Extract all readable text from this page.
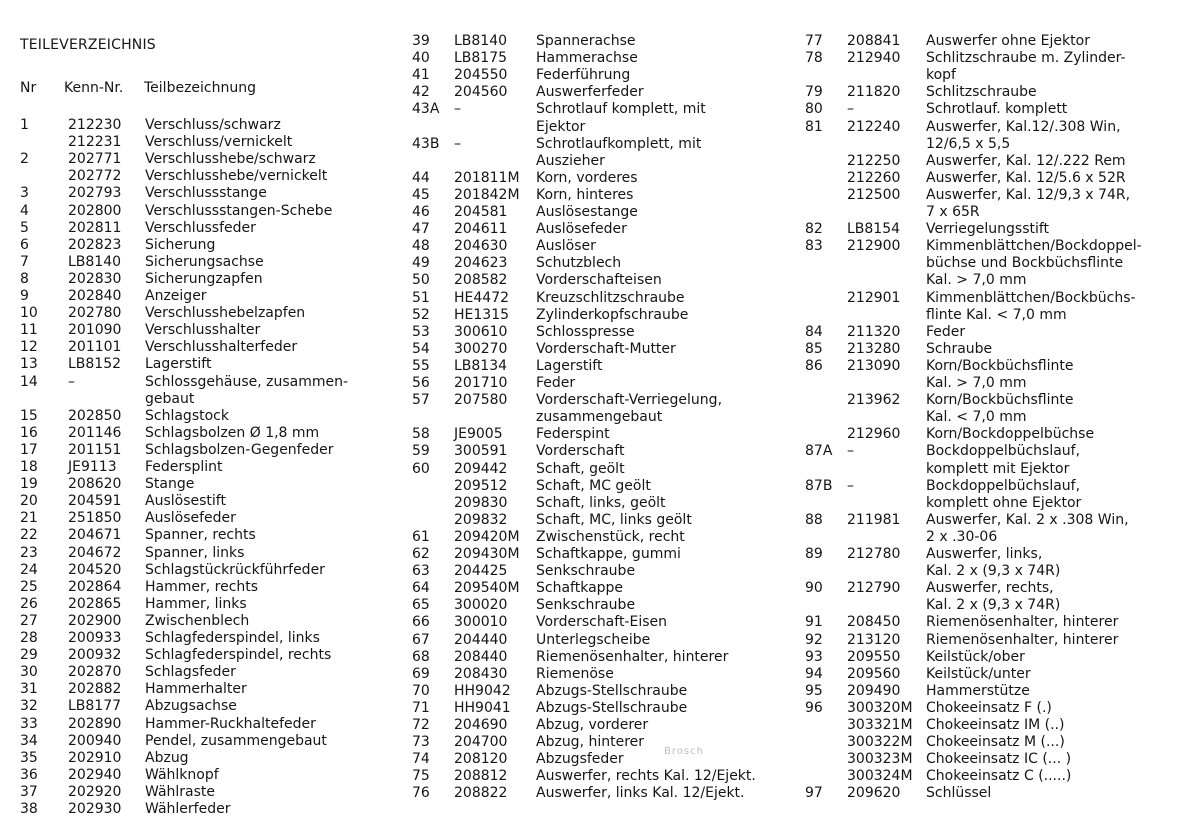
TEILEVERZEICHNIS
Nr Kenn-Nr. Teilbezeichnung
1	212230 Verschluss/schwarz
212231 Verschluss/vernickelt
2	202771 Verschlusshebe/schwarz
202772 Verschlusshebe/vernickelt
3	202793 Verschlussstange
4	202800 Verschlussstangen-Schebe
5	202811 Verschlussfeder
6	202823 Sicherung
7	LB8140 Sicherungsachse
8	202830 Sicherungzapfen
9	202840 Anzeiger
10 202780 Verschlusshebelzapfen
11 201090 Verschlusshalter
12 201101 Verschlusshalterfeder
13 LB8152 Lagerstift
14 –	Schlossgehäuse, zusammen-
gebaut
15 202850 Schlagstock
16 201146 Schlagsbolzen Ø 1,8 mm
17 201151 Schlagsbolzen-Gegenfeder
18 JE9113 Federsplint
19 208620 Stange
20 204591 Auslösestift
21 251850 Auslösefeder
22 204671 Spanner, rechts
23 204672 Spanner, links
24 204520 Schlagstückrückführfeder
25 202864 Hammer, rechts
26 202865 Hammer, links
27 202900 Zwischenblech
28 200933 Schlagfederspindel, links
29 200932 Schlagfederspindel, rechts
30 202870 Schlagsfeder
31 202882 Hammerhalter
32 LB8177 Abzugsachse
33 202890 Hammer-Ruckhaltefeder
34 200940 Pendel, zusammengebaut
35 202910 Abzug
36 202940 Wählknopf
37 202920 Wählraste
38 202930 Wählerfeder
39 LB8140 Spannerachse
40 LB8175 Hammerachse
41 204550 Federführung
42 204560 Auswerferfeder
43A –	Schrotlauf komplett, mit
Ejektor
43B –	Schrotlaufkomplett, mit
Auszieher
44 201811M Korn, vorderes
45 201842M Korn, hinteres
46 204581 Auslösestange
47 204611 Auslösefeder
48 204630 Auslöser
49 204623 Schutzblech
50 208582 Vorderschafteisen
51 HE4472 Kreuzschlitzschraube
52 HE1315 Zylinderkopfschraube
53 300610 Schlosspresse
54 300270 Vorderschaft-Mutter
55 LB8134 Lagerstift
56 201710 Feder
57 207580 Vorderschaft-Verriegelung,
zusammengebaut
58 JE9005 Federspint
59 300591 Vorderschaft
60 209442 Schaft, geölt
209512 Schaft, MC geölt
209830 Schaft, links, geölt
209832 Schaft, MC, links geölt
61 209420M Zwischenstück, recht
62 209430M Schaftkappe, gummi
63 204425 Senkschraube
64 209540M Schaftkappe
65 300020 Senkschraube
66 300010 Vorderschaft-Eisen
67 204440 Unterlegscheibe
68 208440 Riemenösenhalter, hinterer
69 208430 Riemenöse
70 HH9042 Abzugs-Stellschraube
71 HH9041 Abzugs-Stellschraube
72 204690 Abzug, vorderer
73 204700 Abzug, hinterer
74 208120 Abzugsfeder
75 208812 Auswerfer, rechts Kal. 12/Ejekt.
76 208822 Auswerfer, links Kal. 12/Ejekt.
77 208841 Auswerfer ohne Ejektor
78 212940 Schlitzschraube m. Zylinder-
kopf
79 211820 Schlitzschraube
80 –	Schrotlauf. komplett
81 212240 Auswerfer, Kal.12/.308 Win,
12/6,5 x 5,5
212250 Auswerfer, Kal. 12/.222 Rem
212260 Auswerfer, Kal. 12/5.6 x 52R
212500 Auswerfer, Kal. 12/9,3 x 74R,
7 x 65R
82 LB8154 Verriegelungsstift
83 212900 Kimmenblättchen/Bockdoppel-
büchse und Bockbüchsflinte
Kal. > 7,0 mm
212901 Kimmenblättchen/Bockbüchs-
flinte Kal. < 7,0 mm
84 211320 Feder
85 213280 Schraube
86 213090 Korn/Bockbüchsflinte
Kal. > 7,0 mm
213962 Korn/Bockbüchsflinte
Kal. < 7,0 mm
212960 Korn/Bockdoppelbüchse
87A –	Bockdoppelbüchslauf,
komplett mit Ejektor
87B –	Bockdoppelbüchslauf,
komplett ohne Ejektor
88 211981 Auswerfer, Kal. 2 x .308 Win,
2 x .30-06
89 212780 Auswerfer, links,
Kal. 2 x (9,3 x 74R)
90 212790 Auswerfer, rechts,
Kal. 2 x (9,3 x 74R)
91 208450 Riemenösenhalter, hinterer
92 213120 Riemenösenhalter, hinterer
93 209550 Keilstück/ober
94 209560 Keilstück/unter
95 209490 Hammerstütze
96 300320M Chokeeinsatz F (.)
303321M Chokeeinsatz IM (..)
300322M Chokeeinsatz M (...)
300323M Chokeeinsatz IC (... )
300324M Chokeeinsatz C (.....)
97 209620 Schlüssel
Brosch
